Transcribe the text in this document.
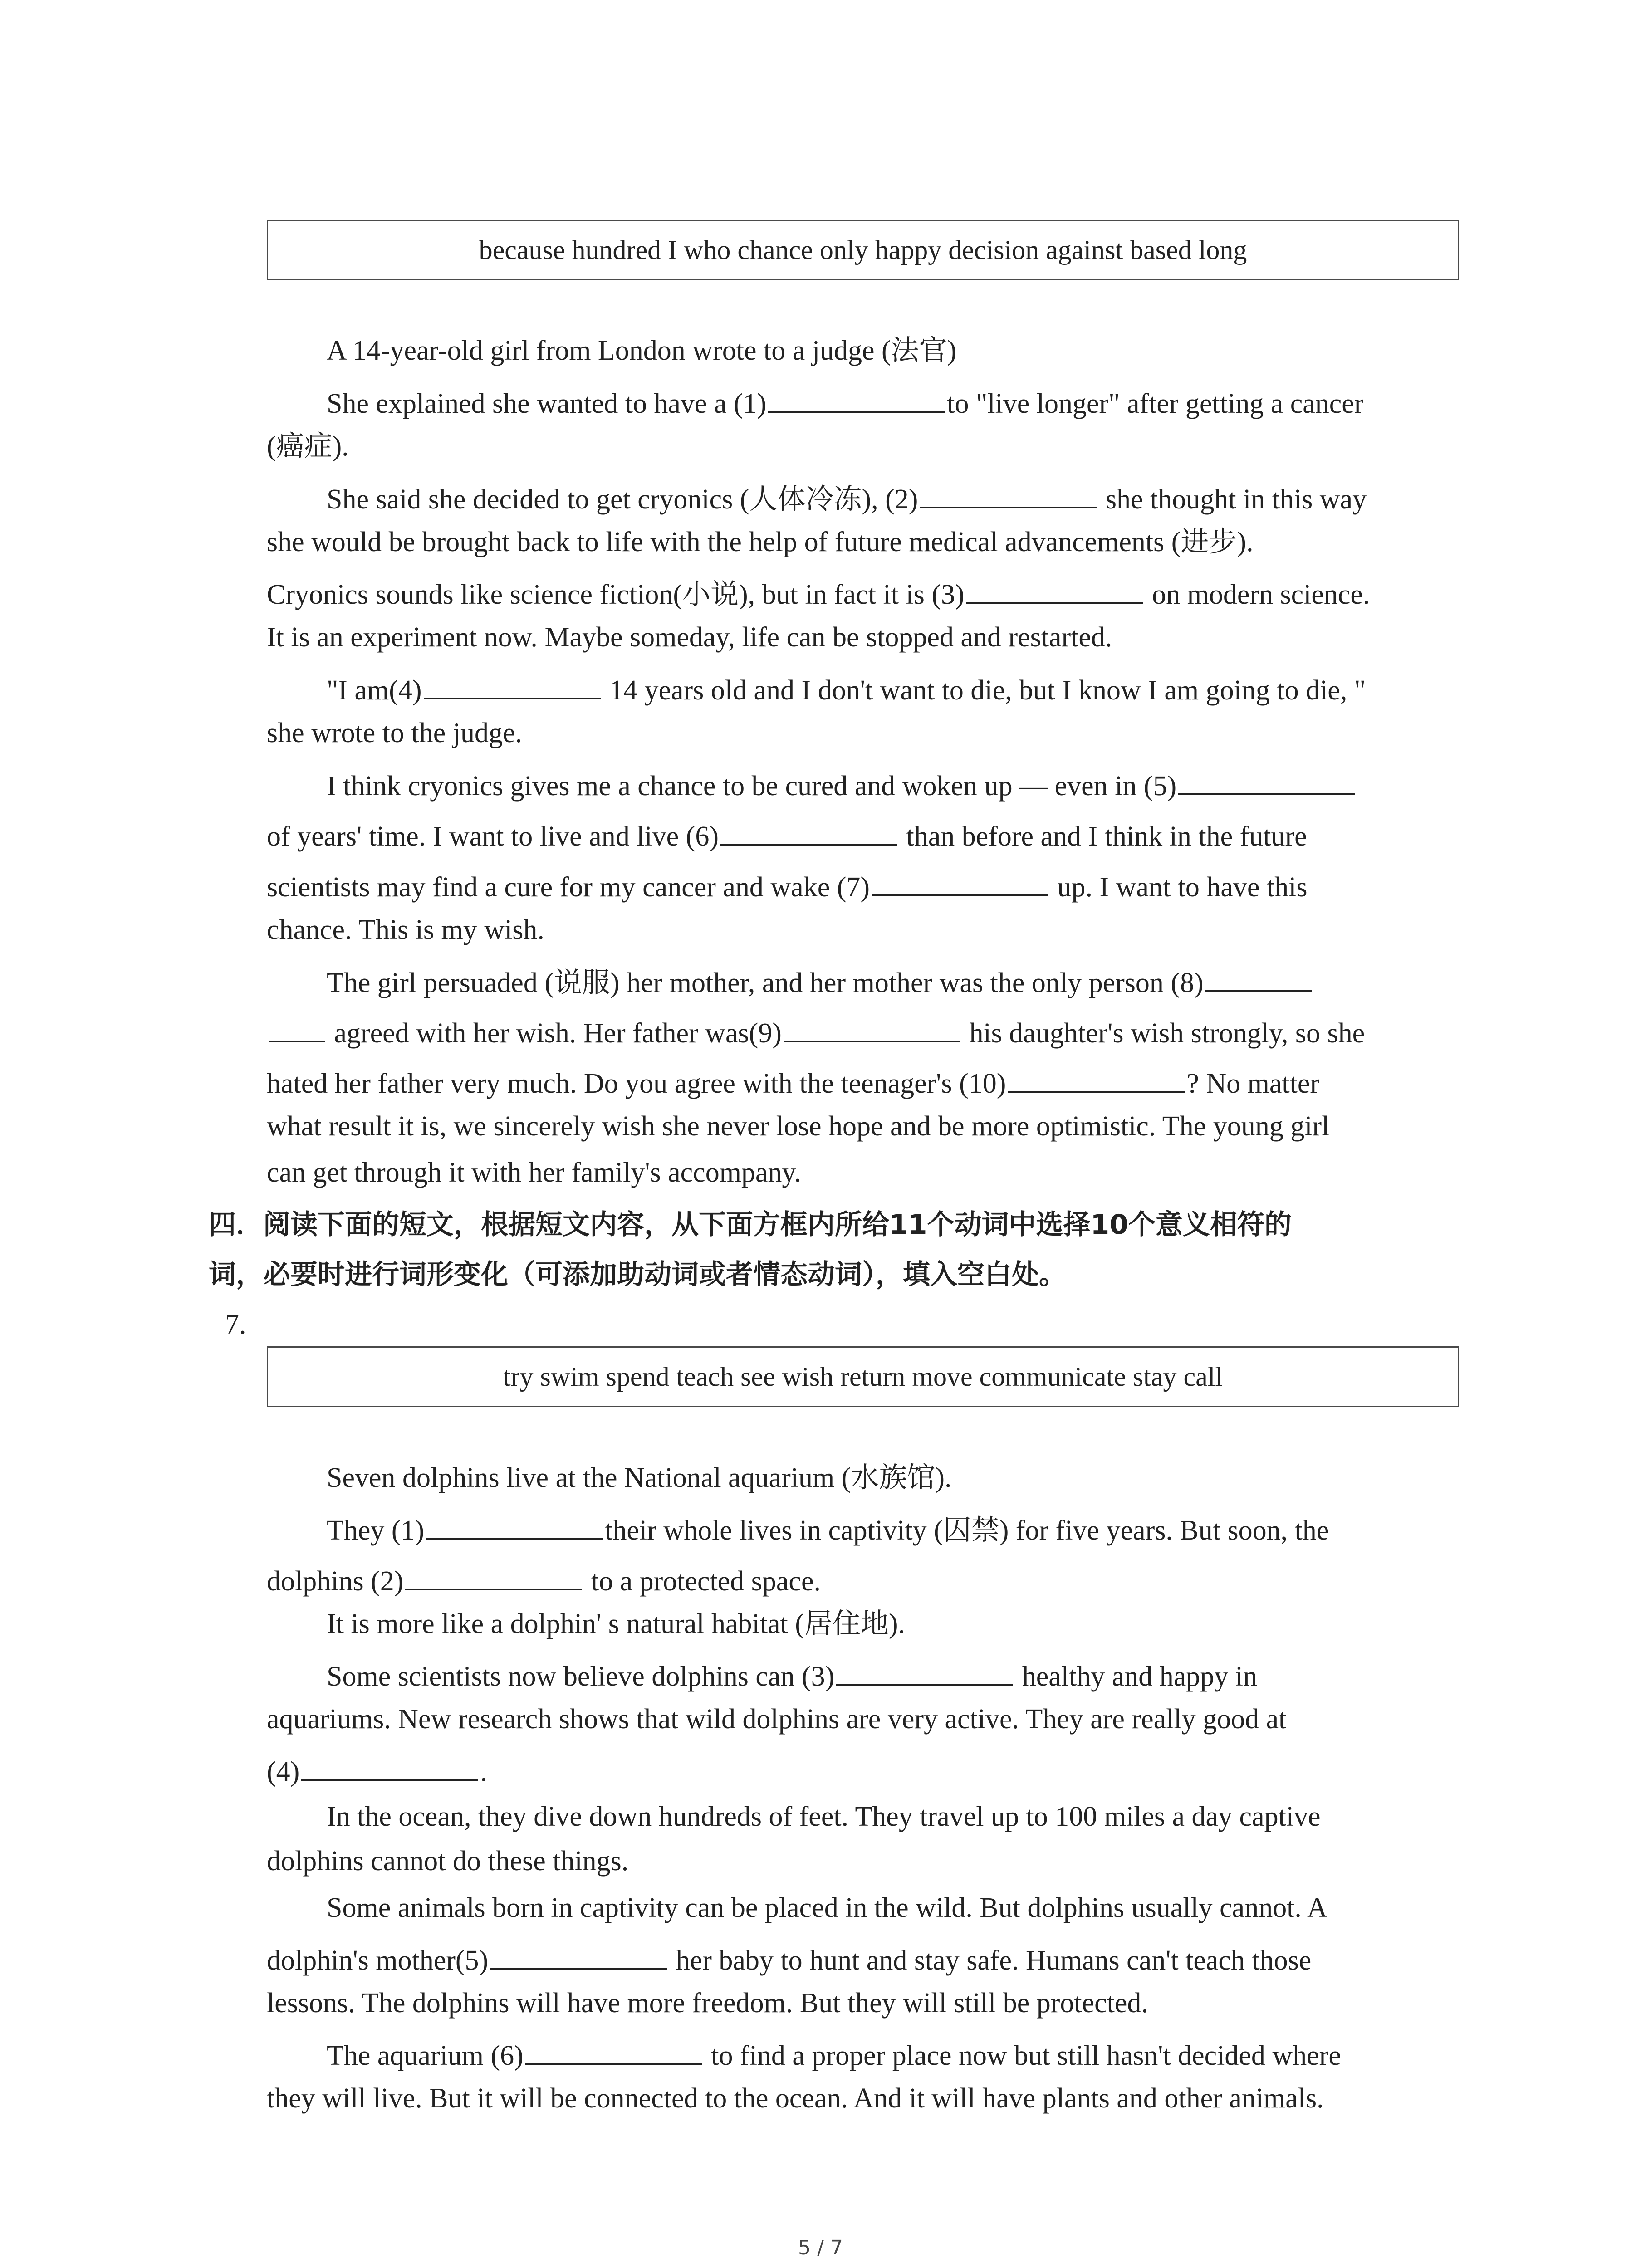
because hundred I who chance only happy decision against based long
A 14-year-old girl from London wrote to a judge (法官)
She explained she wanted to have a (1)	to "live longer" after getting a cancer
(癌症).
She said she decided to get cryonics (人体冷冻), (2)	she thought in this way
she would be brought back to life with the help of future medical advancements (进步).
Cryonics sounds like science fiction(小说), but in fact it is (3)	on modern science.
It is an experiment now. Maybe someday, life can be stopped and restarted.
"I am(4)	14 years old and I don't want to die, but I know I am going to die, "
she wrote to the judge.
I think cryonics gives me a chance to be cured and woken up — even in (5)
of years' time. I want to live and live (6)	than before and I think in the future
scientists may find a cure for my cancer and wake (7)	up. I want to have this
chance. This is my wish.
The girl persuaded (说服) her mother, and her mother was the only person (8)
agreed with her wish. Her father was(9)	his daughter's wish strongly, so she
hated her father very much. Do you agree with the teenager's (10)	? No matter
what result it is, we sincerely wish she never lose hope and be more optimistic. The young girl
can get through it with her family's accompany.
四．阅读下面的短文，根据短文内容，从下面方框内所给11个动词中选择10个意义相符的
词，必要时进行词形变化（可添加助动词或者情态动词），填入空白处。
7.
try swim spend teach see wish return move communicate stay call
Seven dolphins live at the National aquarium (水族馆).
They (1)	their whole lives in captivity (囚禁) for five years. But soon, the
dolphins (2)	to a protected space.
It is more like a dolphin' s natural habitat (居住地).
Some scientists now believe dolphins can (3)	healthy and happy in
aquariums. New research shows that wild dolphins are very active. They are really good at
(4)	.
In the ocean, they dive down hundreds of feet. They travel up to 100 miles a day captive
dolphins cannot do these things.
Some animals born in captivity can be placed in the wild. But dolphins usually cannot. A
dolphin's mother(5)	her baby to hunt and stay safe. Humans can't teach those
lessons. The dolphins will have more freedom. But they will still be protected.
The aquarium (6)	to find a proper place now but still hasn't decided where
they will live. But it will be connected to the ocean. And it will have plants and other animals.
5 / 7
